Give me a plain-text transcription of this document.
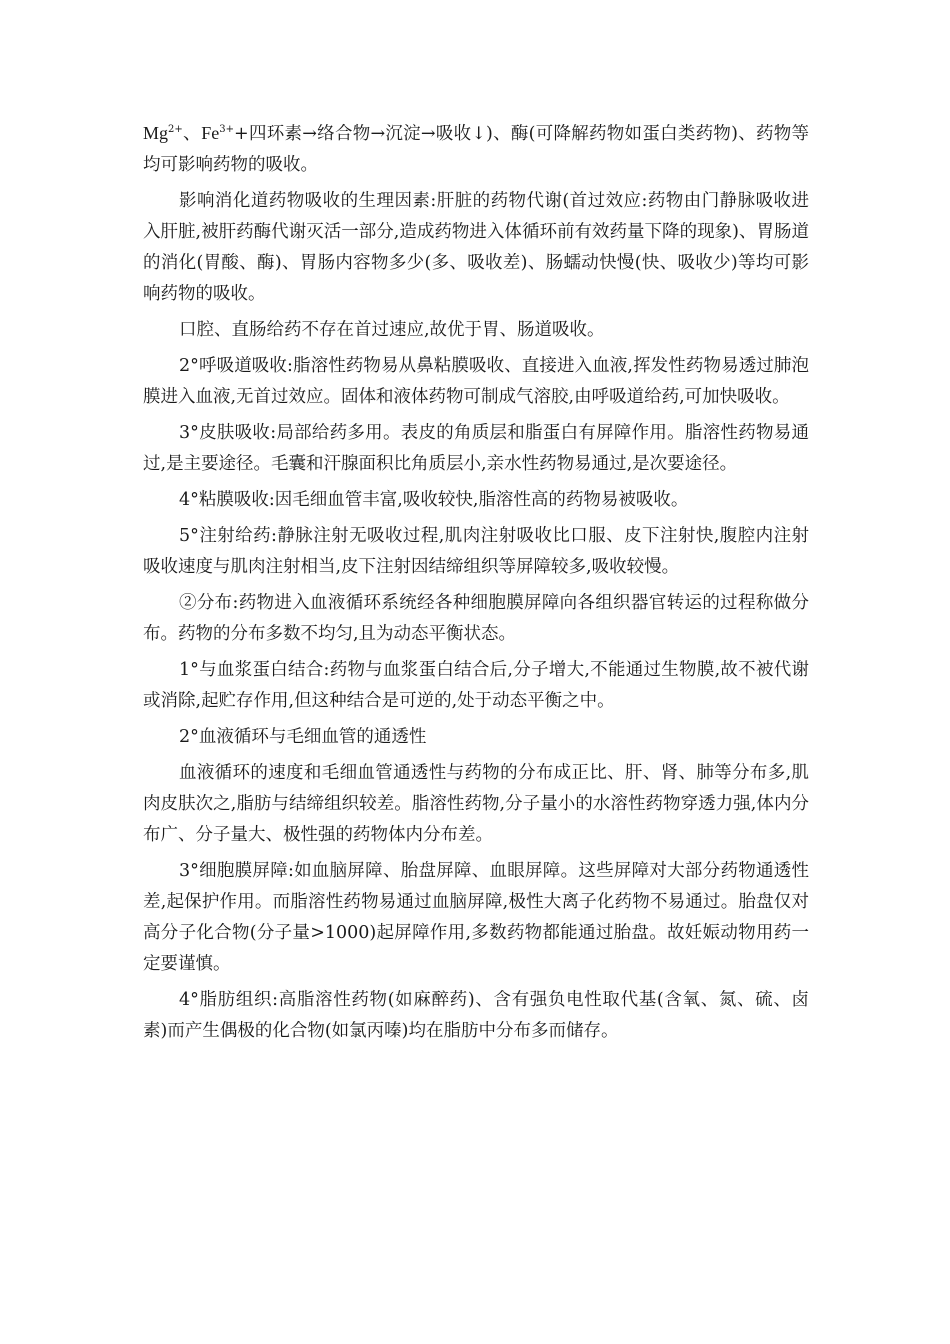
$Mg^{2+}$、$Fe^{3+}+$四环素→络合物→沉淀→吸收↓)、酶(可降解药物如蛋白类药物)、药物等均可影响药物的吸收。

影响消化道药物吸收的生理因素:肝脏的药物代谢(首过效应:药物由门静脉吸收进入肝脏,被肝药酶代谢灭活一部分,造成药物进入体循环前有效药量下降的现象)、胃肠道的消化(胃酸、酶)、胃肠内容物多少(多、吸收差)、肠蠕动快慢(快、吸收少)等均可影响药物的吸收。

口腔、直肠给药不存在首过速应,故优于胃、肠道吸收。

2°呼吸道吸收:脂溶性药物易从鼻粘膜吸收、直接进入血液,挥发性药物易透过肺泡膜进入血液,无首过效应。固体和液体药物可制成气溶胶,由呼吸道给药,可加快吸收。

3°皮肤吸收:局部给药多用。表皮的角质层和脂蛋白有屏障作用。脂溶性药物易通过,是主要途径。毛囊和汗腺面积比角质层小,亲水性药物易通过,是次要途径。

4°粘膜吸收:因毛细血管丰富,吸收较快,脂溶性高的药物易被吸收。

5°注射给药:静脉注射无吸收过程,肌肉注射吸收比口服、皮下注射快,腹腔内注射吸收速度与肌肉注射相当,皮下注射因结缔组织等屏障较多,吸收较慢。

②分布:药物进入血液循环系统经各种细胞膜屏障向各组织器官转运的过程称做分布。药物的分布多数不均匀,且为动态平衡状态。

1°与血浆蛋白结合:药物与血浆蛋白结合后,分子增大,不能通过生物膜,故不被代谢或消除,起贮存作用,但这种结合是可逆的,处于动态平衡之中。

2°血液循环与毛细血管的通透性

血液循环的速度和毛细血管通透性与药物的分布成正比、肝、肾、肺等分布多,肌肉皮肤次之,脂肪与结缔组织较差。脂溶性药物,分子量小的水溶性药物穿透力强,体内分布广、分子量大、极性强的药物体内分布差。

3°细胞膜屏障:如血脑屏障、胎盘屏障、血眼屏障。这些屏障对大部分药物通透性差,起保护作用。而脂溶性药物易通过血脑屏障,极性大离子化药物不易通过。胎盘仅对高分子化合物(分子量>1000)起屏障作用,多数药物都能通过胎盘。故妊娠动物用药一定要谨慎。

4°脂肪组织:高脂溶性药物(如麻醉药)、含有强负电性取代基(含氧、氮、硫、卤素)而产生偶极的化合物(如氯丙嗪)均在脂肪中分布多而储存。
